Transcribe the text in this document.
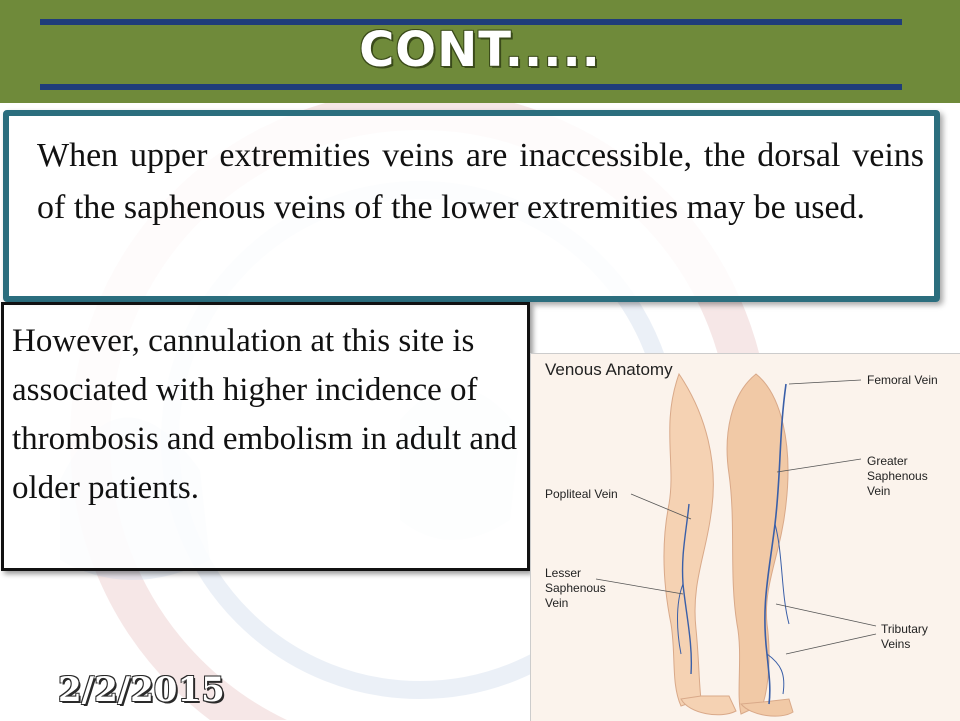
CONT.....

When upper extremities veins are inaccessible, the dorsal veins of the saphenous veins of the lower extremities may be used.

However, cannulation at this site is associated with higher incidence of thrombosis and embolism in adult and older patients.

Venous Anatomy
Femoral Vein
Greater
Saphenous
Vein
Popliteal Vein
Lesser
Saphenous
Vein
Tributary
Veins
2/2/2015
